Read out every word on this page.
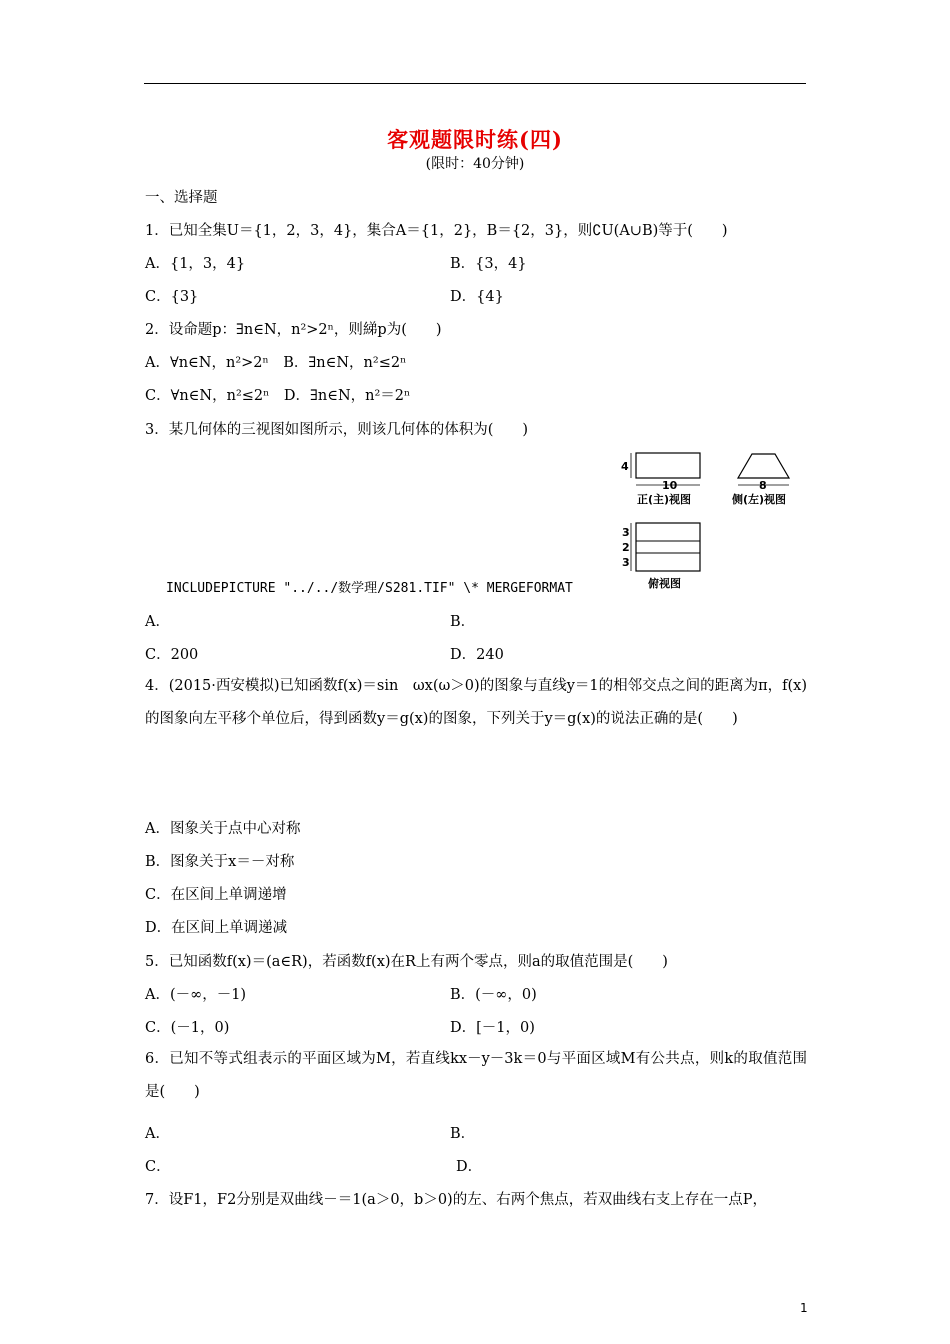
客观题限时练(四)
(限时：40分钟)
一、选择题
1．已知全集U＝{1，2，3，4}，集合A＝{1，2}，B＝{2，3}，则∁U(A∪B)等于(　　)
A．{1，3，4}	B．{3，4}
C．{3}	D．{4}
2．设命题p：∃n∈N，n²>2ⁿ，则綈p为(　　)
A．∀n∈N，n²>2ⁿ　B．∃n∈N，n²≤2ⁿ
C．∀n∈N，n²≤2ⁿ　D．∃n∈N，n²＝2ⁿ
3．某几何体的三视图如图所示，则该几何体的体积为(　　)
4
10
正(主)视图
8
侧(左)视图
3
2
3
俯视图
INCLUDEPICTURE "../../数学理/S281.TIF" \* MERGEFORMAT
A．	B．
C．200	D．240
4．(2015·西安模拟)已知函数f(x)＝sin　ωx(ω＞0)的图象与直线y＝1的相邻交点之间的距离为π，f(x)的图象向左平移个单位后，得到函数y＝g(x)的图象，下列关于y＝g(x)的说法正确的是(　　)
A．图象关于点中心对称
B．图象关于x＝－对称
C．在区间上单调递增
D．在区间上单调递减
5．已知函数f(x)＝(a∈R)，若函数f(x)在R上有两个零点，则a的取值范围是(　　)
A．(－∞，－1)	B．(－∞，0)
C．(－1，0)	D．[－1，0)
6．已知不等式组表示的平面区域为M，若直线kx－y－3k＝0与平面区域M有公共点，则k的取值范围是(　　)
A．	B．
C．	D．
7．设F1，F2分别是双曲线－＝1(a＞0，b＞0)的左、右两个焦点，若双曲线右支上存在一点P，
1
